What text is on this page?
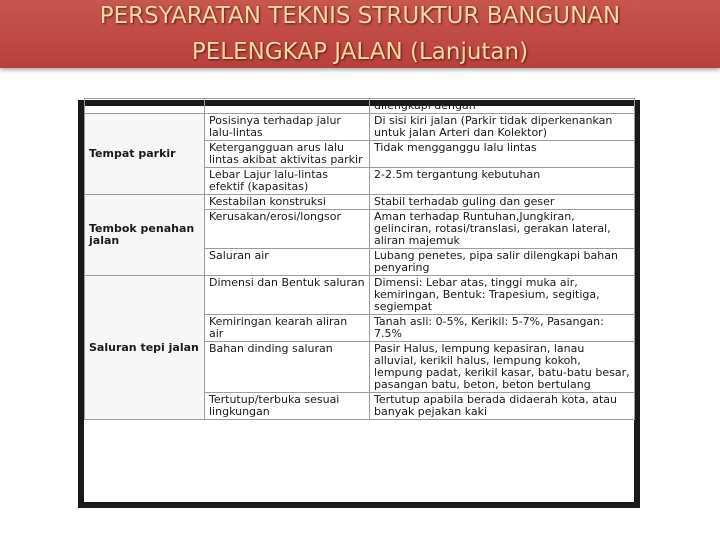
PERSYARATAN TEKNIS STRUKTUR BANGUNAN
PELENGKAP JALAN (Lanjutan)
		dilengkapi dengan
Tempat parkir	Posisinya terhadap jalur lalu-lintas	Di sisi kiri jalan (Parkir tidak diperkenankan untuk jalan Arteri dan Kolektor)
	Ketergangguan arus lalu lintas akibat aktivitas parkir	Tidak mengganggu lalu lintas
	Lebar Lajur lalu-lintas efektif (kapasitas)	2-2.5m tergantung kebutuhan
Tembok penahan jalan	Kestabilan konstruksi	Stabil terhadab guling dan geser
	Kerusakan/erosi/longsor	Aman terhadap Runtuhan,Jungkiran, gelinciran, rotasi/translasi, gerakan lateral, aliran majemuk
	Saluran air	Lubang penetes, pipa salir dilengkapi bahan penyaring
Saluran tepi jalan	Dimensi dan Bentuk saluran	Dimensi: Lebar atas, tinggi muka air, kemiringan, Bentuk: Trapesium, segitiga, segiempat
	Kemiringan kearah aliran air	Tanah asli: 0-5%, Kerikil: 5-7%, Pasangan: 7.5%
	Bahan dinding saluran	Pasir Halus, lempung kepasiran, lanau alluvial, kerikil halus, lempung kokoh, lempung padat, kerikil kasar, batu-batu besar, pasangan batu, beton, beton bertulang
	Tertutup/terbuka sesuai lingkungan	Tertutup apabila berada didaerah kota, atau banyak pejakan kaki
